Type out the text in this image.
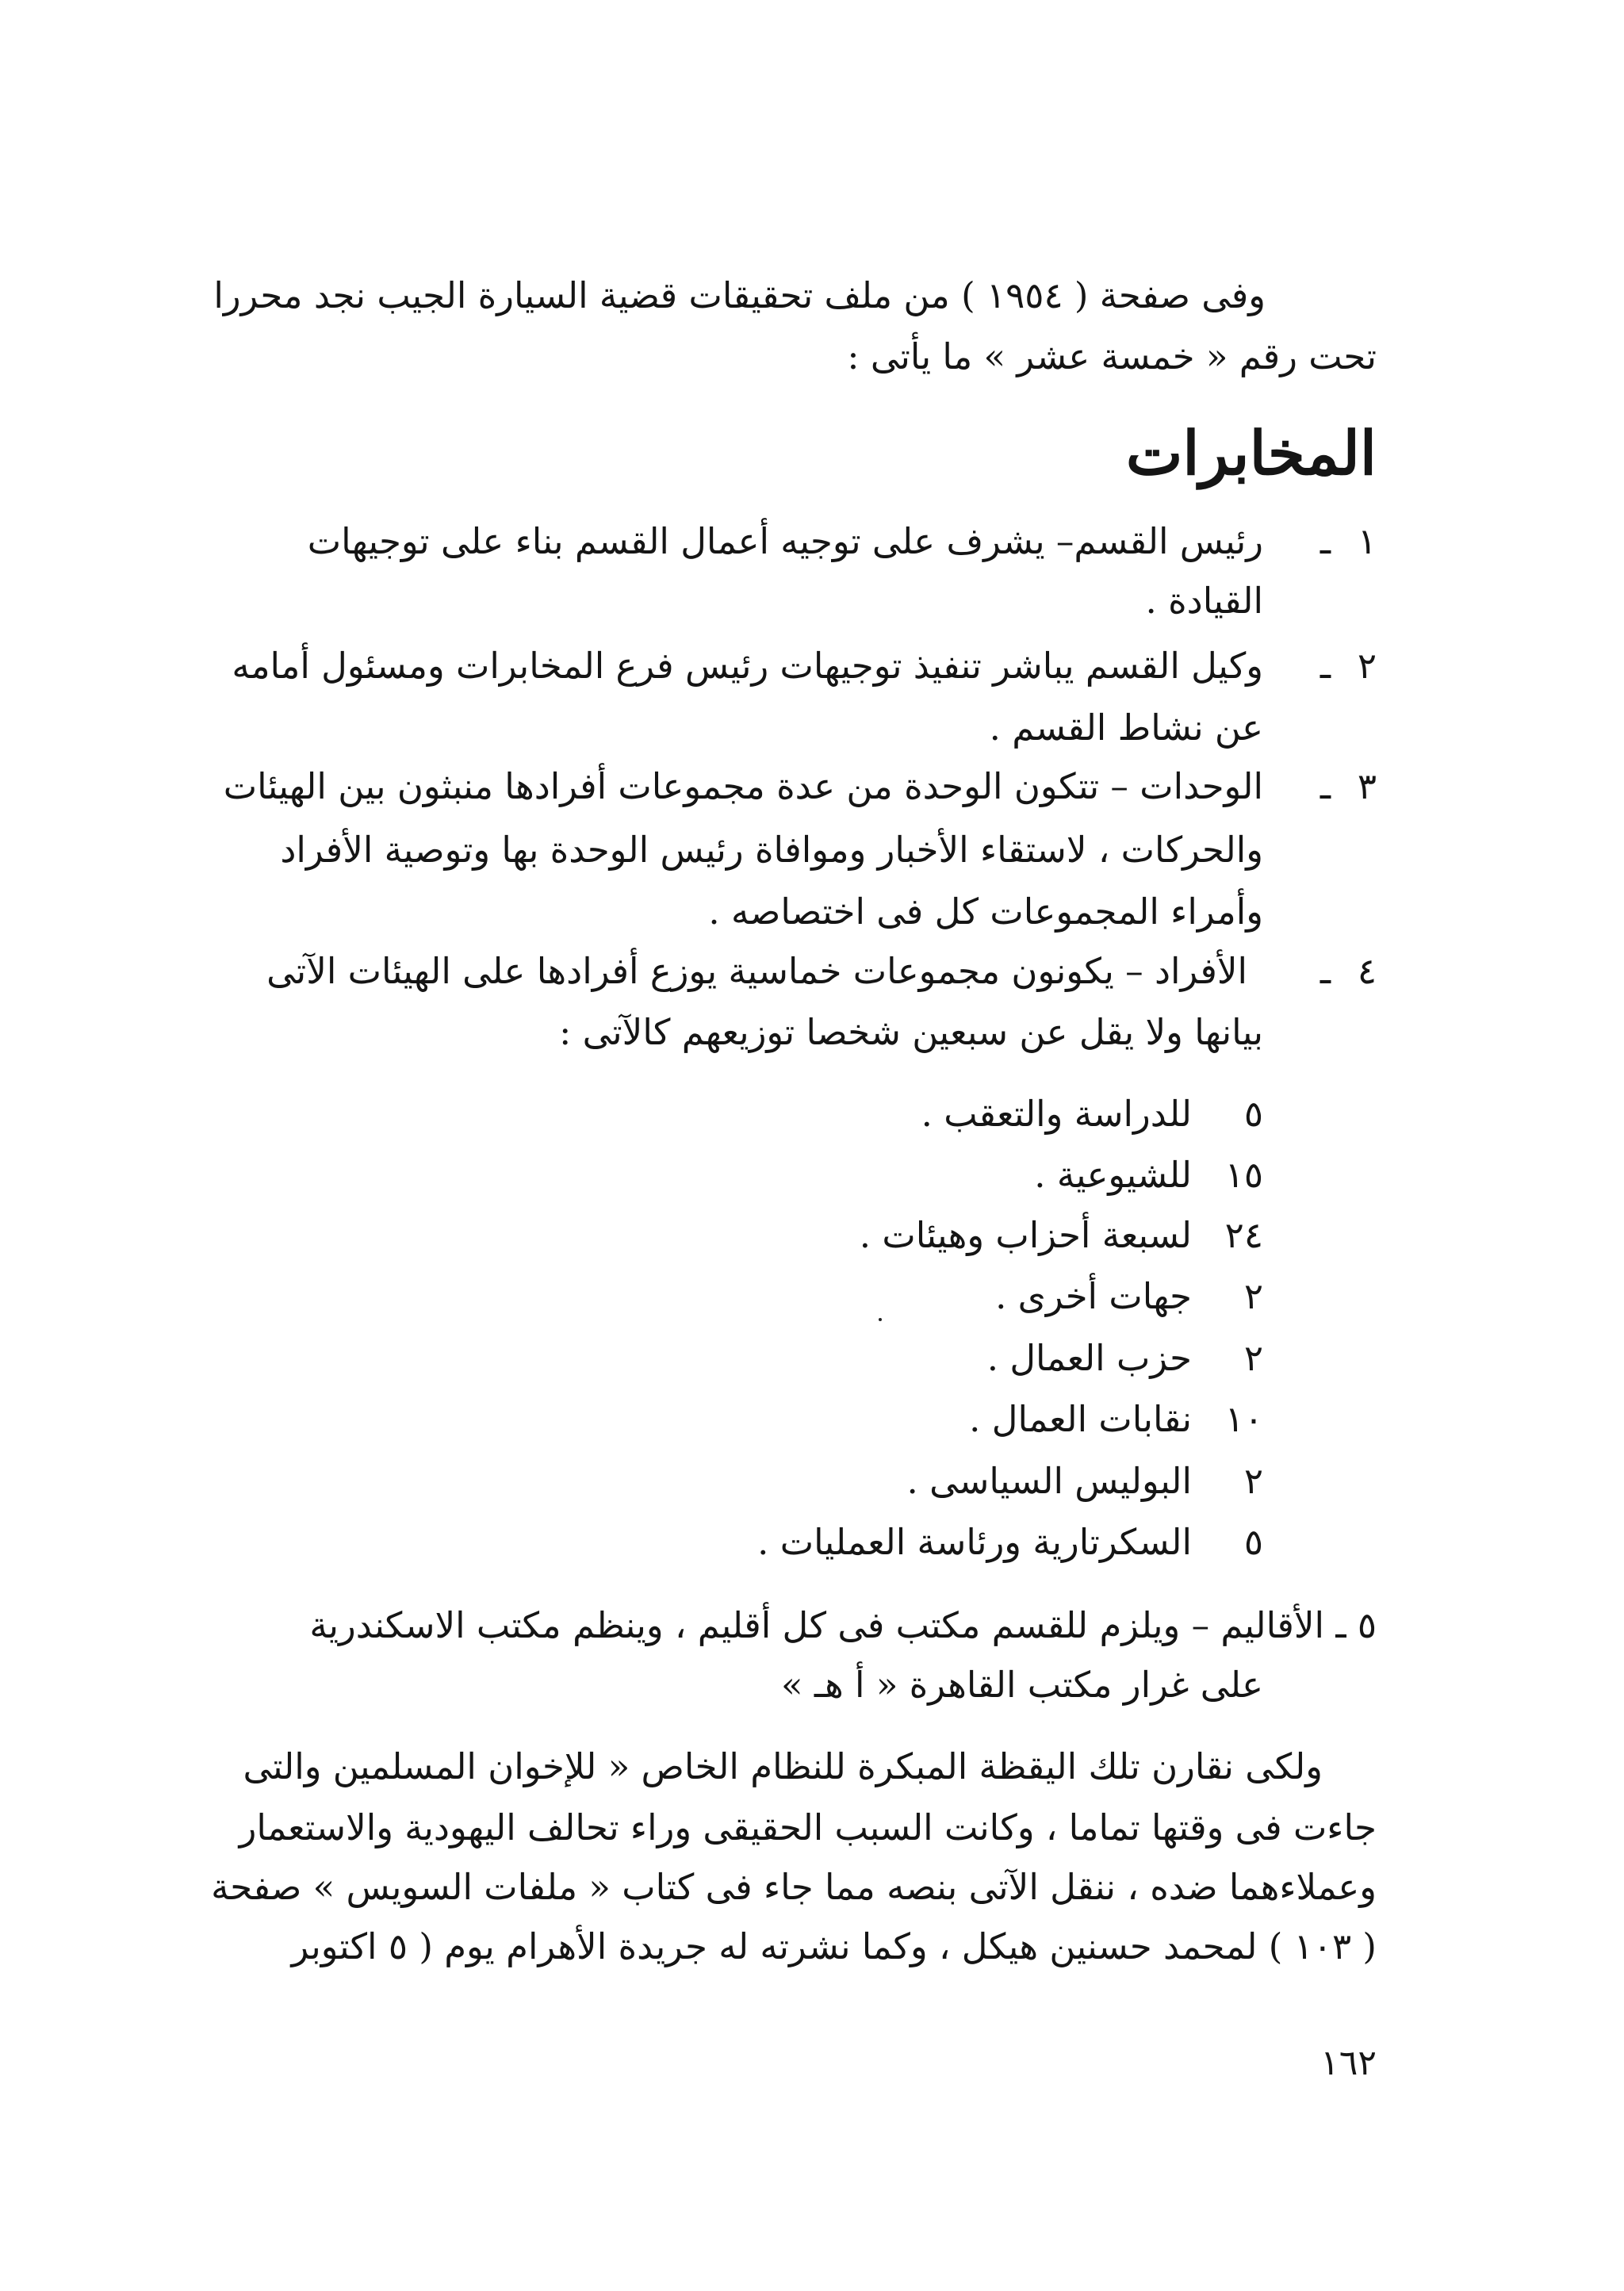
وفى صفحة ( ١٩٥٤ ) من ملف تحقيقات قضية السيارة الجيب نجد محررا
تحت رقم « خمسة عشر » ما يأتى :
المخابرات
١
ـ
رئيس القسم– يشرف على توجيه أعمال القسم بناء على توجيهات
القيادة .
٢
ـ
وكيل القسم يباشر تنفيذ توجيهات رئيس فرع المخابرات ومسئول أمامه
عن نشاط القسم .
٣
ـ
الوحدات – تتكون الوحدة من عدة مجموعات أفرادها منبثون بين الهيئات
والحركات ، لاستقاء الأخبار وموافاة رئيس الوحدة بها وتوصية الأفراد
وأمراء المجموعات كل فى اختصاصه .
٤
ـ
الأفراد – يكونون مجموعات خماسية يوزع أفرادها على الهيئات الآتى
بيانها ولا يقل عن سبعين شخصا توزيعهم كالآتى :
٥
للدراسة والتعقب .
١٥
للشيوعية .
٢٤
لسبعة أحزاب وهيئات .
٢
جهات أخرى .
٢
حزب العمال .
١٠
نقابات العمال .
٢
البوليس السياسى .
٥
السكرتارية ورئاسة العمليات .
٥ ـ الأقاليم – ويلزم للقسم مكتب فى كل أقليم ، وينظم مكتب الاسكندرية
على غرار مكتب القاهرة « أ هـ »
ولكى نقارن تلك اليقظة المبكرة للنظام الخاص « للإخوان المسلمين والتى
جاءت فى وقتها تماما ، وكانت السبب الحقيقى وراء تحالف اليهودية والاستعمار
وعملاءهما ضده ، ننقل الآتى بنصه مما جاء فى كتاب « ملفات السويس » صفحة
( ١٠٣ ) لمحمد حسنين هيكل ، وكما نشرته له جريدة الأهرام يوم ( ٥ اكتوبر
١٦٢
